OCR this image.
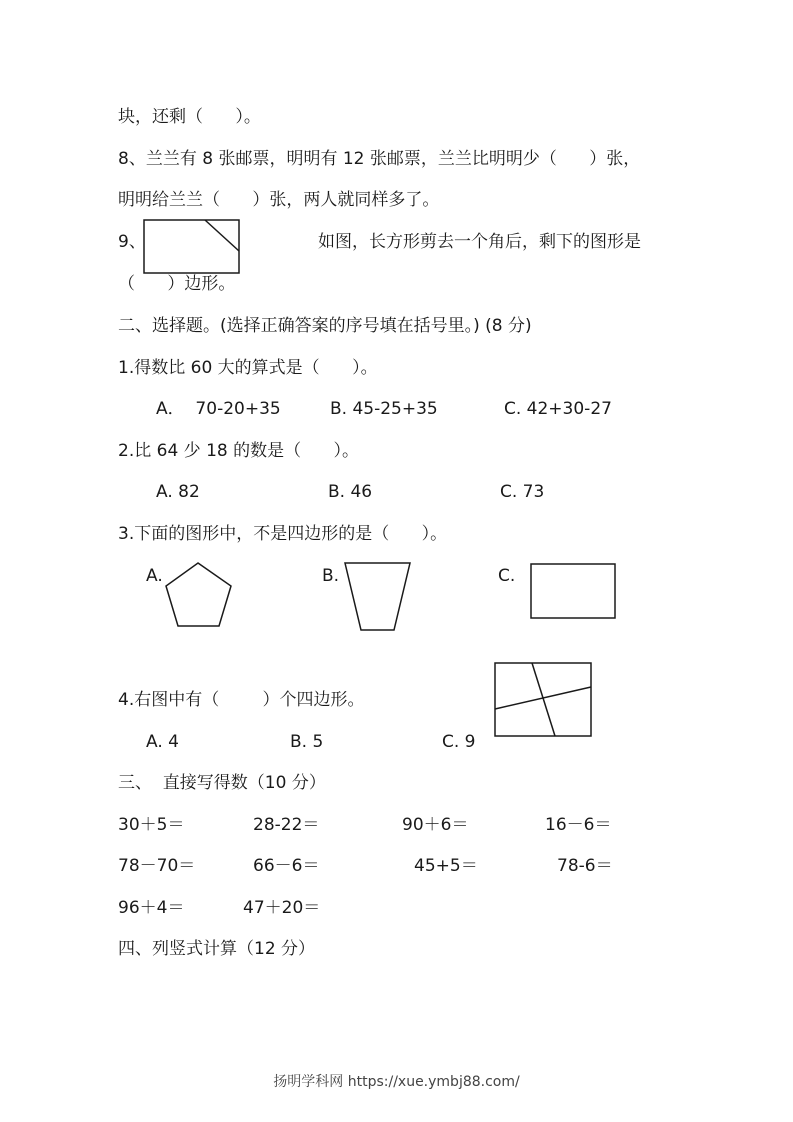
块，还剩（      ）。
8、兰兰有 8 张邮票，明明有 12 张邮票，兰兰比明明少（      ）张，
明明给兰兰（      ）张，两人就同样多了。
9、	如图，长方形剪去一个角后，剩下的图形是
（      ）边形。
二、选择题。(选择正确答案的序号填在括号里。) (8 分)
1.得数比 60 大的算式是（      ）。
A．  70-20+35	B. 45-25+35	C. 42+30-27
2.比 64 少 18 的数是（      ）。
A. 82	B. 46	C. 73
3.下面的图形中，不是四边形的是（      ）。
A.	B.	C.
4.右图中有（        ）个四边形。
A. 4	B. 5	C. 9
三、  直接写得数（10 分）
30＋5＝	28-22＝	90＋6＝	16－6＝
78－70＝	66－6＝	45+5＝	78-6＝
96＋4＝	47＋20＝
四、列竖式计算（12 分）
扬明学科网 https://xue.ymbj88.com/
